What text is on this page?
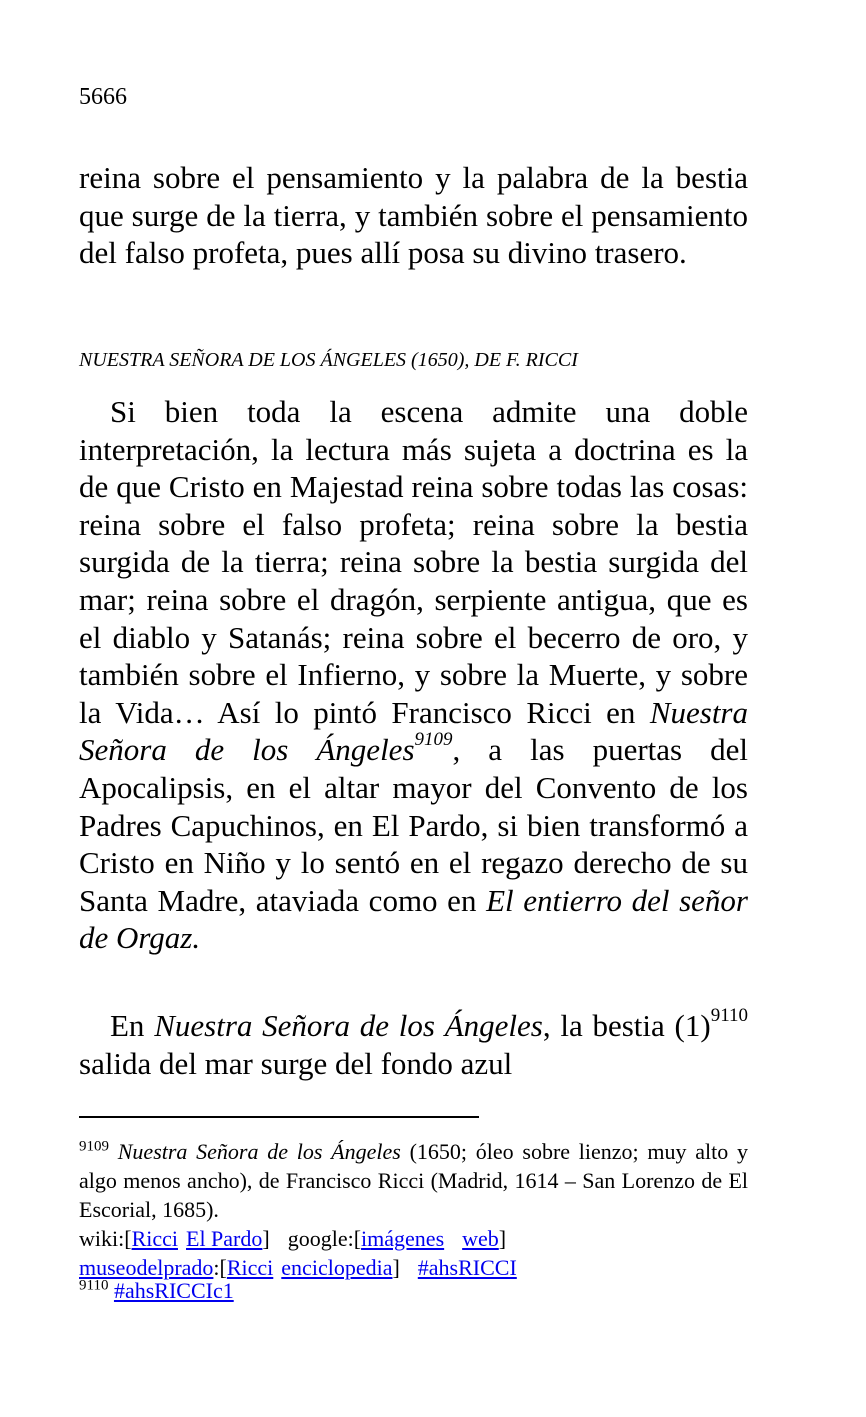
5666
reina sobre el pensamiento y la palabra de la bestia que surge de la tierra, y también sobre el pensamiento del falso profeta, pues allí posa su divino trasero.
NUESTRA SEÑORA DE LOS ÁNGELES (1650), DE F. RICCI
Si bien toda la escena admite una doble interpretación, la lectura más sujeta a doctrina es la de que Cristo en Majestad reina sobre todas las cosas: reina sobre el falso profeta; reina sobre la bestia surgida de la tierra; reina sobre la bestia surgida del mar; reina sobre el dragón, serpiente antigua, que es el diablo y Satanás; reina sobre el becerro de oro, y también sobre el Infierno, y sobre la Muerte, y sobre la Vida… Así lo pintó Francisco Ricci en Nuestra Señora de los Ángeles$^{9109}$, a las puertas del Apocalipsis, en el altar mayor del Convento de los Padres Capuchinos, en El Pardo, si bien transformó a Cristo en Niño y lo sentó en el regazo derecho de su Santa Madre, ataviada como en El entierro del señor de Orgaz.
En Nuestra Señora de los Ángeles, la bestia (1)$^{9110}$ salida del mar surge del fondo azul
$^{9109}$ Nuestra Señora de los Ángeles (1650; óleo sobre lienzo; muy alto y algo menos ancho), de Francisco Ricci (Madrid, 1614 – San Lorenzo de El Escorial, 1685).
wiki:[Ricci El Pardo] google:[imágenes web]
museodelprado:[Ricci enciclopedia] #ahsRICCI
$^{9110}$ #ahsRICCIc1
